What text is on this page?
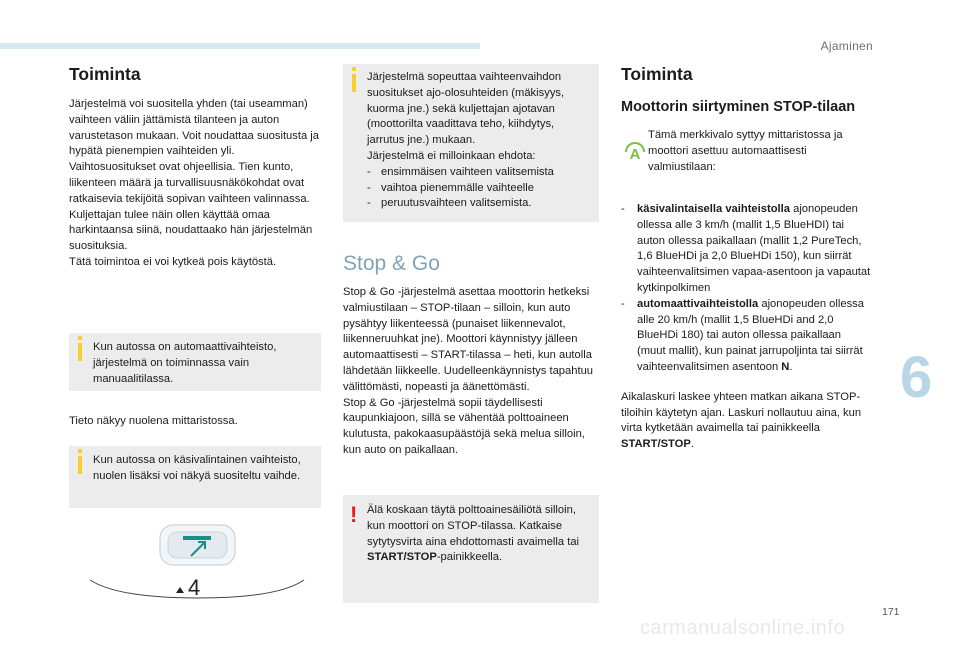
Ajaminen
Toiminta

Järjestelmä voi suositella yhden (tai useamman) vaihteen väliin jättämistä tilanteen ja auton varustetason mukaan. Voit noudattaa suositusta ja hypätä pienempien vaihteiden yli. Vaihtosuositukset ovat ohjeellisia. Tien kunto, liikenteen määrä ja turvallisuusnäkökohdat ovat ratkaisevia tekijöitä sopivan vaihteen valinnassa. Kuljettajan tulee näin ollen käyttää omaa harkintaansa siinä, noudattaako hän järjestelmän suosituksia.

Tätä toimintoa ei voi kytkeä pois käytöstä.

Kun autossa on automaattivaihteisto, järjestelmä on toiminnassa vain manuaalitilassa.

Tieto näkyy nuolena mittaristossa.

Kun autossa on käsivalintainen vaihteisto, nuolen lisäksi voi näkyä suositeltu vaihde.
4
Järjestelmä sopeuttaa vaihteenvaihdon suositukset ajo-olosuhteiden (mäkisyys, kuorma jne.) sekä kuljettajan ajotavan (moottorilta vaadittava teho, kiihdytys, jarrutus jne.) mukaan.
Järjestelmä ei milloinkaan ehdota:
- ensimmäisen vaihteen valitsemista
- vaihtoa pienemmälle vaihteelle
- peruutusvaihteen valitsemista.
Stop & Go

Stop & Go -järjestelmä asettaa moottorin hetkeksi valmiustilaan – STOP-tilaan – silloin, kun auto pysähtyy liikenteessä (punaiset liikennevalot, liikenneruuhkat jne). Moottori käynnistyy jälleen automaattisesti – START-tilassa – heti, kun autolla lähdetään liikkeelle. Uudelleenkäynnistys tapahtuu välittömästi, nopeasti ja äänettömästi.

Stop & Go -järjestelmä sopii täydellisesti kaupunkiajoon, sillä se vähentää polttoaineen kulutusta, pakokaasupäästöjä sekä melua silloin, kun auto on paikallaan.

! Älä koskaan täytä polttoainesäiliötä silloin, kun moottori on STOP-tilassa. Katkaise sytytysvirta aina ehdottomasti avaimella tai START/STOP-painikkeella.
Toiminta
Moottorin siirtyminen STOP-tilaan
A

Tämä merkkivalo syttyy mittaristossa ja moottori asettuu automaattisesti valmiustilaan:

- käsivalintaisella vaihteistolla ajonopeuden ollessa alle 3 km/h (mallit 1,5 BlueHDI) tai auton ollessa paikallaan (mallit 1,2 PureTech, 1,6 BlueHDi ja 2,0 BlueHDi 150), kun siirrät vaihteenvalitsimen vapaa-asentoon ja vapautat kytkinpolkimen
- automaattivaihteistolla ajonopeuden ollessa alle 20 km/h (mallit 1,5 BlueHDi and 2,0 BlueHDi 180) tai auton ollessa paikallaan (muut mallit), kun painat jarrupoljinta tai siirrät vaihteenvalitsimen asentoon N.

Aikalaskuri laskee yhteen matkan aikana STOP-tiloihin käytetyn ajan. Laskuri nollautuu aina, kun virta kytketään avaimella tai painikkeella START/STOP.

6
171
carmanualsonline.info
